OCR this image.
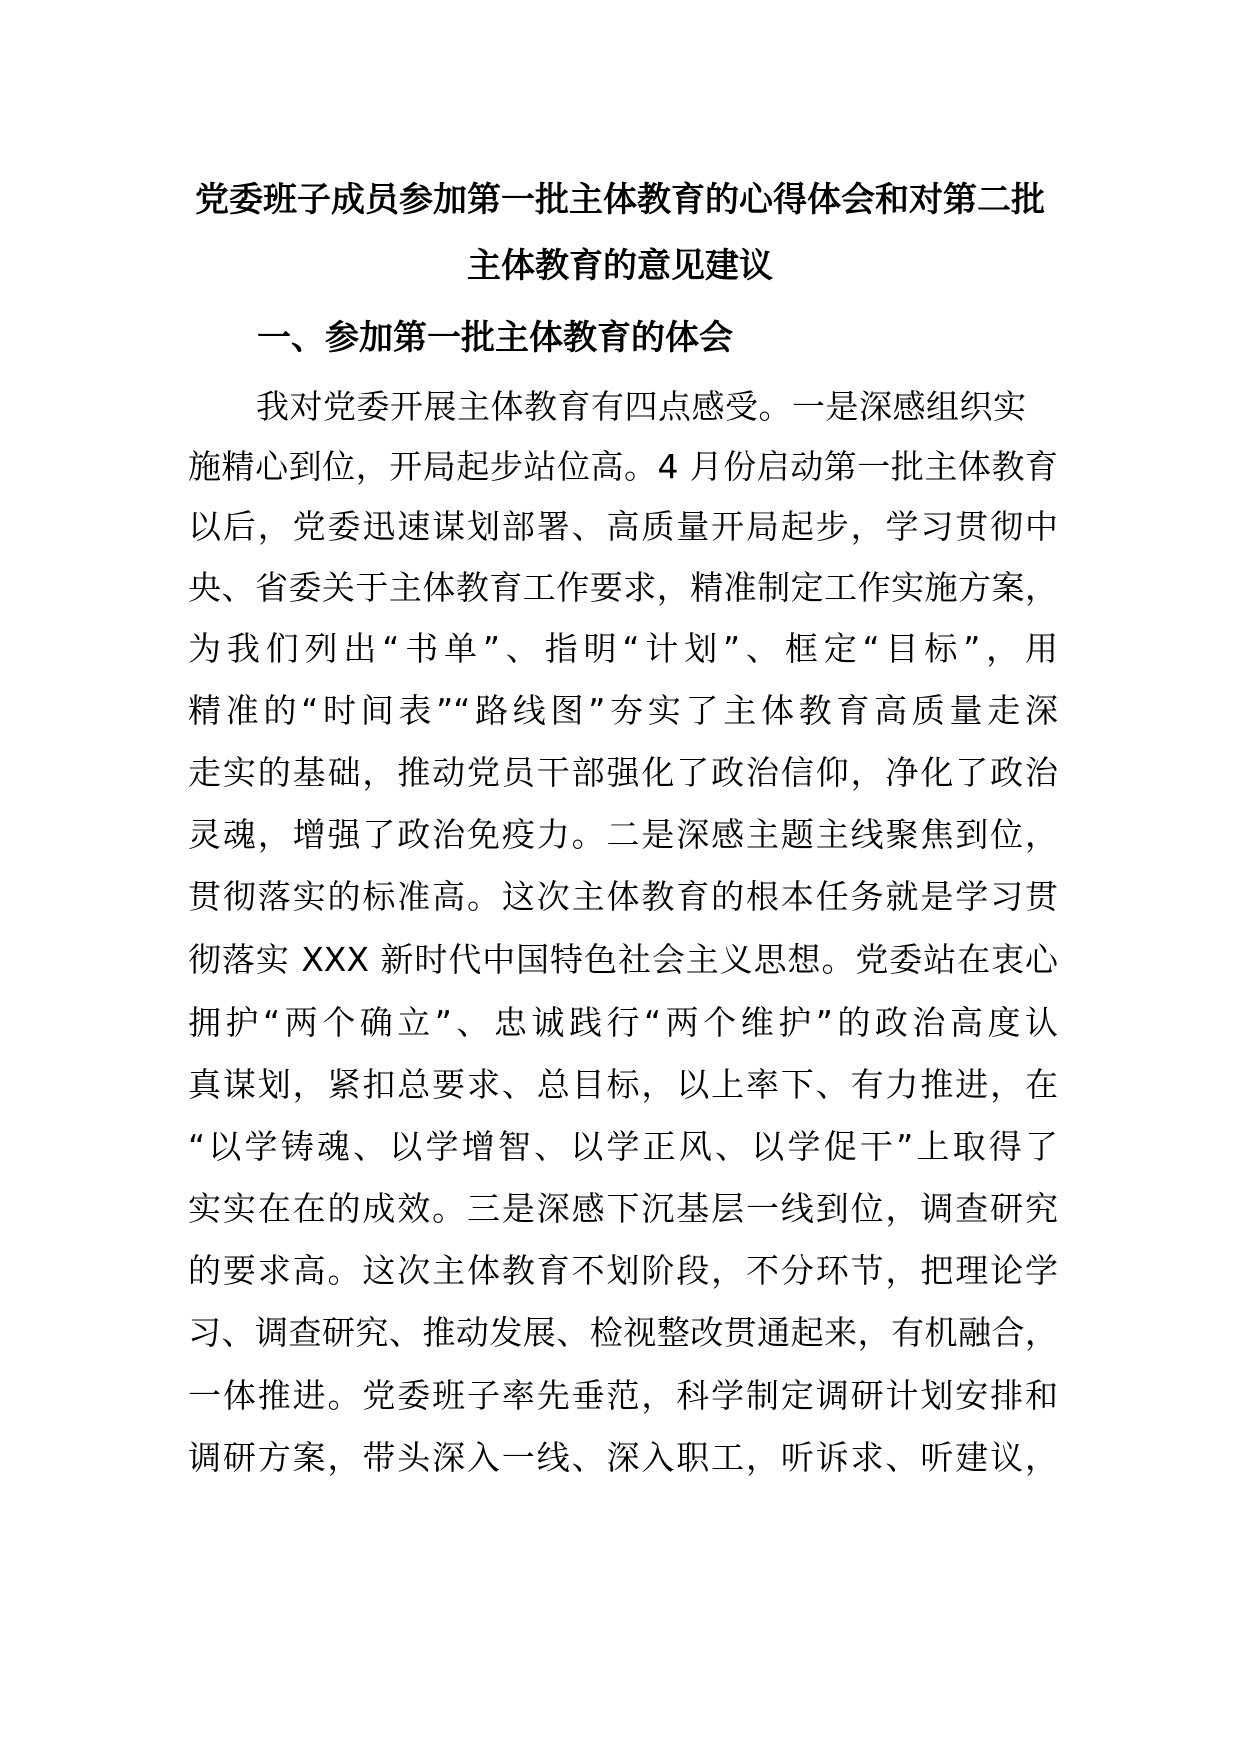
党委班子成员参加第一批主体教育的心得体会和对第二批
主体教育的意见建议
一、参加第一批主体教育的体会
我对党委开展主体教育有四点感受。一是深感组织实
施精心到位，开局起步站位高。4 月份启动第一批主体教育
以后，党委迅速谋划部署、高质量开局起步，学习贯彻中
央、省委关于主体教育工作要求，精准制定工作实施方案，
为我们列出“书单”、指明“计划”、框定“目标”，用
精准的“时间表”“路线图”夯实了主体教育高质量走深
走实的基础，推动党员干部强化了政治信仰，净化了政治
灵魂，增强了政治免疫力。二是深感主题主线聚焦到位，
贯彻落实的标准高。这次主体教育的根本任务就是学习贯
彻落实 XXX 新时代中国特色社会主义思想。党委站在衷心
拥护“两个确立”、忠诚践行“两个维护”的政治高度认
真谋划，紧扣总要求、总目标，以上率下、有力推进，在
“以学铸魂、以学增智、以学正风、以学促干”上取得了
实实在在的成效。三是深感下沉基层一线到位，调查研究
的要求高。这次主体教育不划阶段，不分环节，把理论学
习、调查研究、推动发展、检视整改贯通起来，有机融合，
一体推进。党委班子率先垂范，科学制定调研计划安排和
调研方案，带头深入一线、深入职工，听诉求、听建议，
